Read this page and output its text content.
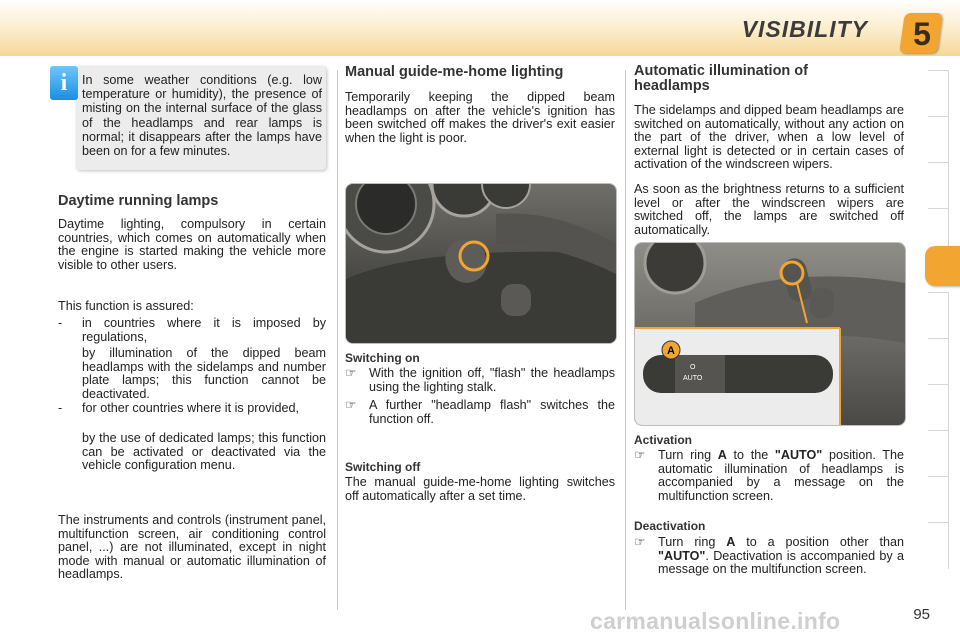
VISIBILITY 5
i	In some weather conditions (e.g. low temperature or humidity), the presence of misting on the internal surface of the glass of the headlamps and rear lamps is normal; it disappears after the lamps have been on for a few minutes.
Daytime running lamps

Daytime lighting, compulsory in certain countries, which comes on automatically when the engine is started making the vehicle more visible to other users.

This function is assured:

- in countries where it is imposed by regulations,
by illumination of the dipped beam headlamps with the sidelamps and number plate lamps; this function cannot be deactivated.
- for other countries where it is provided,
by the use of dedicated lamps; this function can be activated or deactivated via the vehicle configuration menu.

The instruments and controls (instrument panel, multifunction screen, air conditioning control panel, ...) are not illuminated, except in night mode with manual or automatic illumination of headlamps.

Manual guide-me-home lighting

Temporarily keeping the dipped beam headlamps on after the vehicle's ignition has been switched off makes the driver's exit easier when the light is poor.

Switching on

☞ With the ignition off, "flash" the headlamps using the lighting stalk.
☞ A further "headlamp flash" switches the function off.

Switching off

The manual guide-me-home lighting switches off automatically after a set time.

Automatic illumination of
headlamps

The sidelamps and dipped beam headlamps are switched on automatically, without any action on the part of the driver, when a low level of external light is detected or in certain cases of activation of the windscreen wipers.

As soon as the brightness returns to a sufficient level or after the windscreen wipers are switched off, the lamps are switched off automatically.

A
AUTO
O

Activation

☞ Turn ring A to the "AUTO" position. The automatic illumination of headlamps is accompanied by a message on the multifunction screen.

Deactivation

☞ Turn ring A to a position other than "AUTO". Deactivation is accompanied by a message on the multifunction screen.
carmanualsonline.info	95
